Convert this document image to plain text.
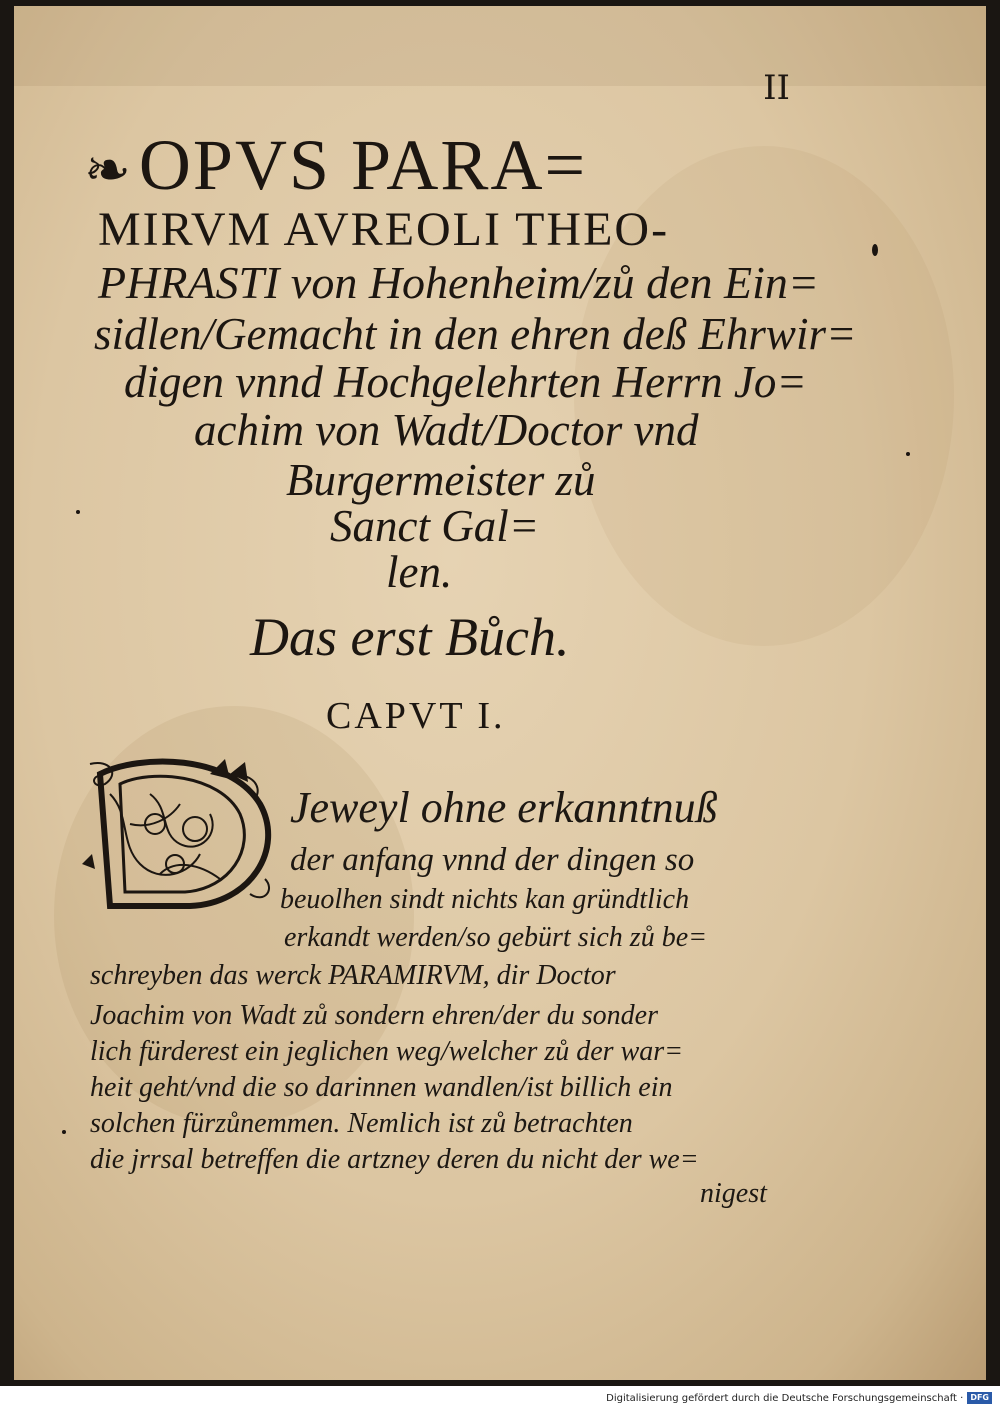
II
❧OPVS PARA=
MIRVM AVREOLI THEO-
PHRASTI von Hohenheim/zů den Ein=
sidlen/Gemacht in den ehren deß Ehrwir=
digen vnnd Hochgelehrten Herrn Jo=
achim von Wadt/Doctor vnd
Burgermeister zů
Sanct Gal=
len.
Das erst Bůch.
CAPVT I.
Jeweyl ohne erkanntnuß
der anfang vnnd der dingen so
beuolhen sindt nichts kan gründtlich
erkandt werden/so gebürt sich zů be=
schreyben das werck PARAMIRVM, dir Doctor
Joachim von Wadt zů sondern ehren/der du sonder
lich fürderest ein jeglichen weg/welcher zů der war=
heit geht/vnd die so darinnen wandlen/ist billich ein
solchen fürzůnemmen. Nemlich ist zů betrachten
die jrrsal betreffen die artzney deren du nicht der we=
nigest
Digitalisierung gefördert durch die Deutsche Forschungsgemeinschaft · DFG
